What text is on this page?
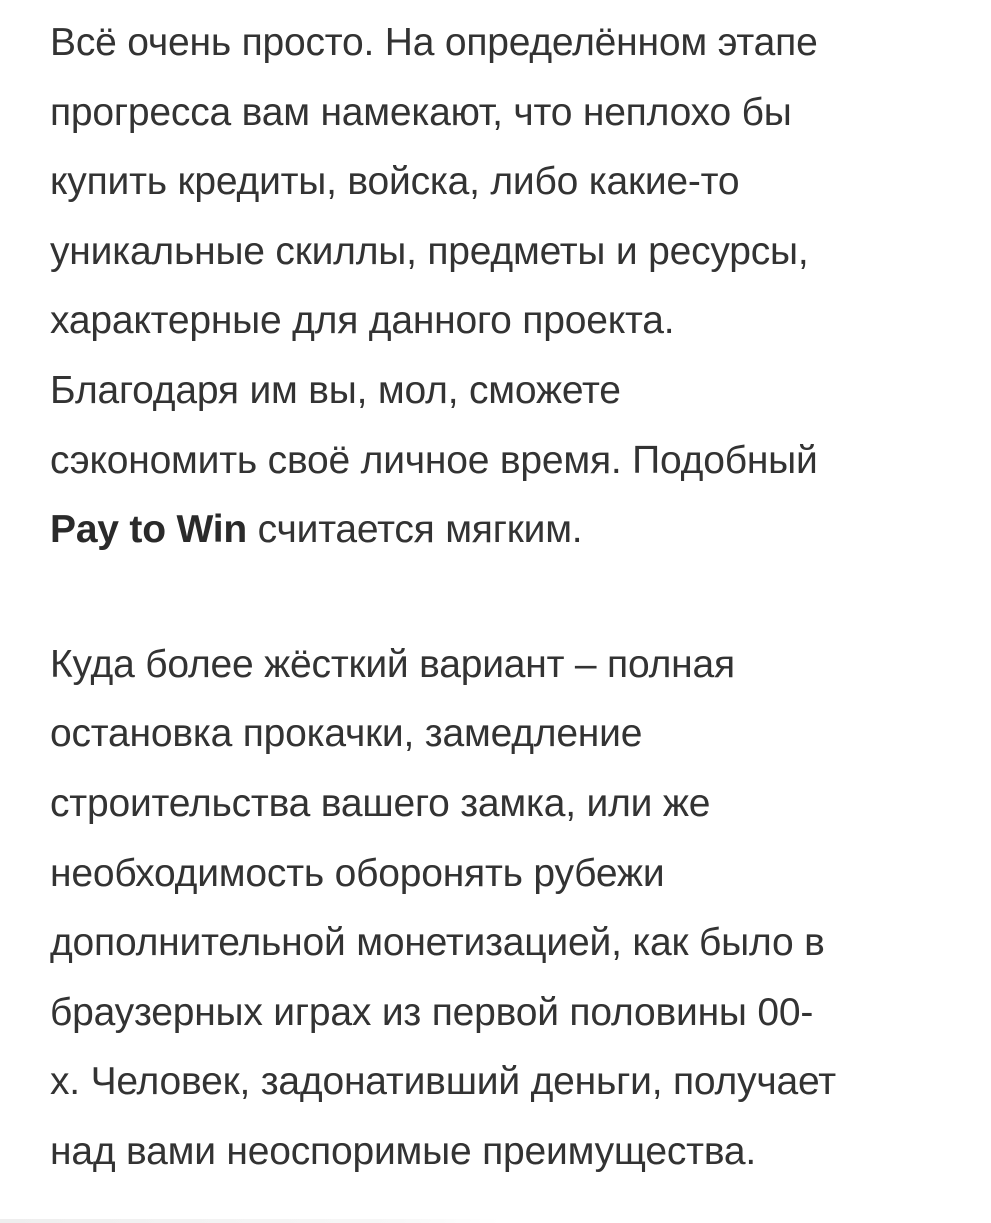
Всё очень просто. На определённом этапе
прогресса вам намекают, что неплохо бы
купить кредиты, войска, либо какие-то
уникальные скиллы, предметы и ресурсы,
характерные для данного проекта.
Благодаря им вы, мол, сможете
сэкономить своё личное время. Подобный
Pay to Win считается мягким.

Куда более жёсткий вариант – полная
остановка прокачки, замедление
строительства вашего замка, или же
необходимость оборонять рубежи
дополнительной монетизацией, как было в
браузерных играх из первой половины 00-
х. Человек, задонативший деньги, получает
над вами неоспоримые преимущества.
